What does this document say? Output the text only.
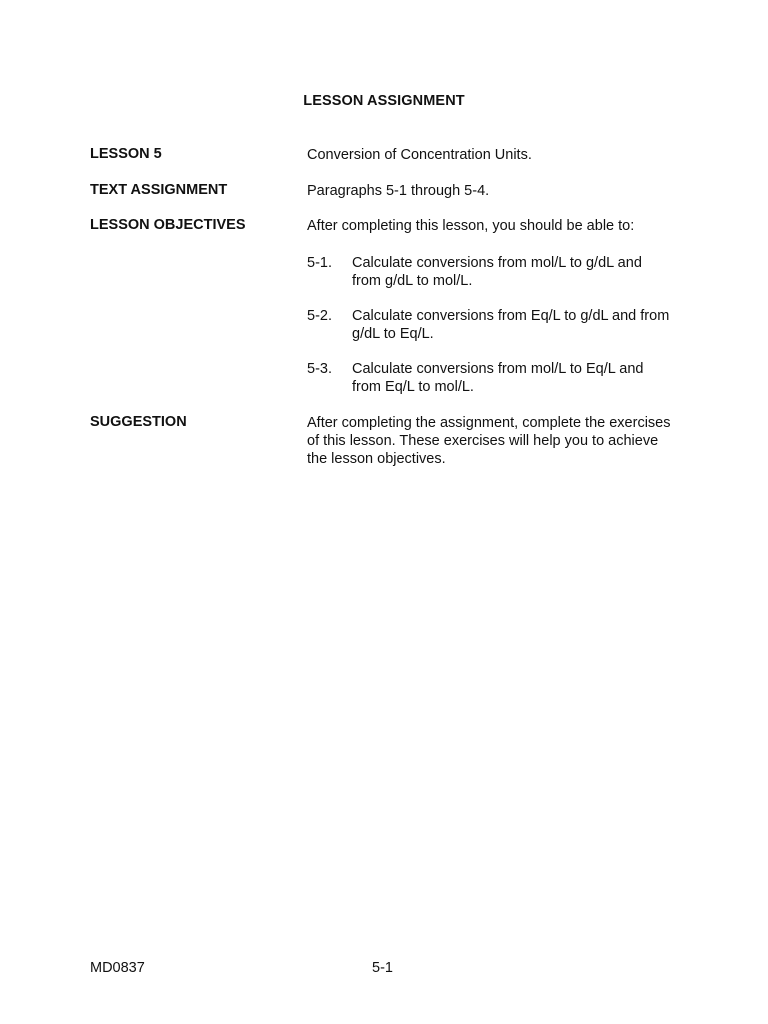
LESSON ASSIGNMENT
LESSON 5	Conversion of Concentration Units.
TEXT ASSIGNMENT	Paragraphs 5-1 through 5-4.
LESSON OBJECTIVES	After completing this lesson, you should be able to:
5-1. Calculate conversions from mol/L to g/dL and from g/dL to mol/L.
5-2. Calculate conversions from Eq/L to g/dL and from g/dL to Eq/L.
5-3. Calculate conversions from mol/L to Eq/L and from Eq/L to mol/L.
SUGGESTION	After completing the assignment, complete the exercises of this lesson. These exercises will help you to achieve the lesson objectives.
MD0837	5-1
